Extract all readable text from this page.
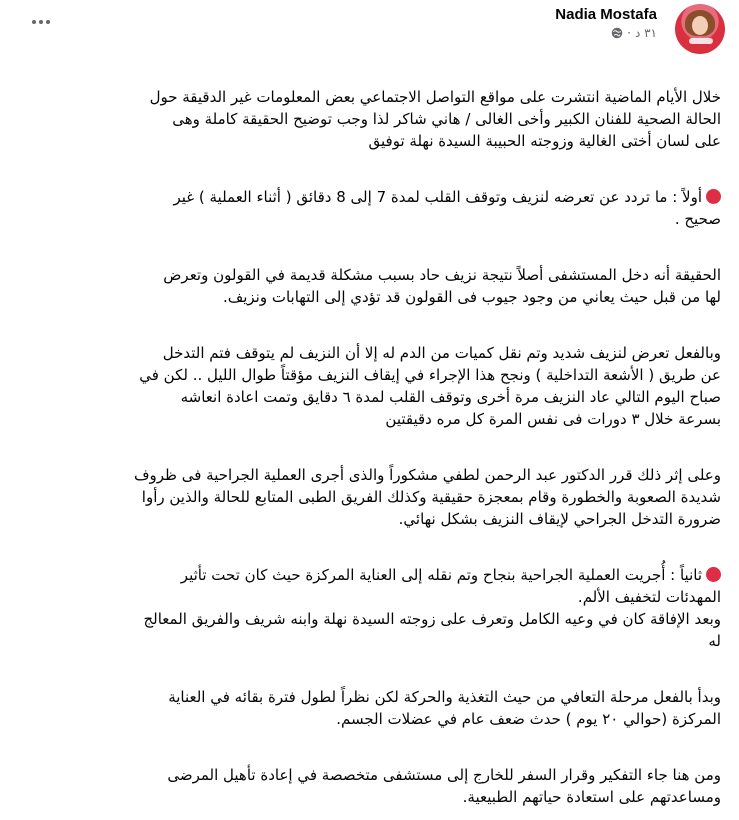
Nadia Mostafa
· ٣١ د

خلال الأيام الماضية انتشرت على مواقع التواصل الاجتماعي بعض المعلومات غير الدقيقة حول
الحالة الصحية للفنان الكبير وأخى الغالى / هاني شاكر لذا وجب توضيح الحقيقة كاملة وهى
على لسان أختى الغالية وزوجته الحبيبة السيدة نهلة توفيق

أولاً : ما تردد عن تعرضه لنزيف وتوقف القلب لمدة 7 إلى 8 دقائق ( أثناء العملية ) غير
صحيح .

الحقيقة أنه دخل المستشفى أصلاً نتيجة نزيف حاد بسبب مشكلة قديمة في القولون وتعرض
لها من قبل حيث يعاني من وجود جيوب فى القولون قد تؤدي إلى التهابات ونزيف.

وبالفعل تعرض لنزيف شديد وتم نقل كميات من الدم له إلا أن النزيف لم يتوقف فتم التدخل
عن طريق ( الأشعة التداخلية ) ونجح هذا الإجراء في إيقاف النزيف مؤقتاً طوال الليل .. لكن في
صباح اليوم التالي عاد النزيف مرة أخرى وتوقف القلب لمدة ٦ دقايق وتمت اعادة انعاشه
بسرعة خلال ٣ دورات فى نفس المرة كل مره دقيقتين

وعلى إثر ذلك قرر الدكتور عبد الرحمن لطفي مشكوراً والذى أجرى العملية الجراحية فى ظروف
شديدة الصعوبة والخطورة وقام بمعجزة حقيقية وكذلك الفريق الطبى المتابع للحالة والذين رأوا
ضرورة التدخل الجراحي لإيقاف النزيف بشكل نهائي.

ثانياً : أُجريت العملية الجراحية بنجاح وتم نقله إلى العناية المركزة حيث كان تحت تأثير
المهدئات لتخفيف الألم.
وبعد الإفاقة كان في وعيه الكامل وتعرف على زوجته السيدة نهلة وابنه شريف والفريق المعالج
له

وبدأ بالفعل مرحلة التعافي من حيث التغذية والحركة لكن نظراً لطول فترة بقائه في العناية
المركزة (حوالي ٢٠ يوم ) حدث ضعف عام في عضلات الجسم.

ومن هنا جاء التفكير وقرار السفر للخارج إلى مستشفى متخصصة في إعادة تأهيل المرضى
ومساعدتهم على استعادة حياتهم الطبيعية.
